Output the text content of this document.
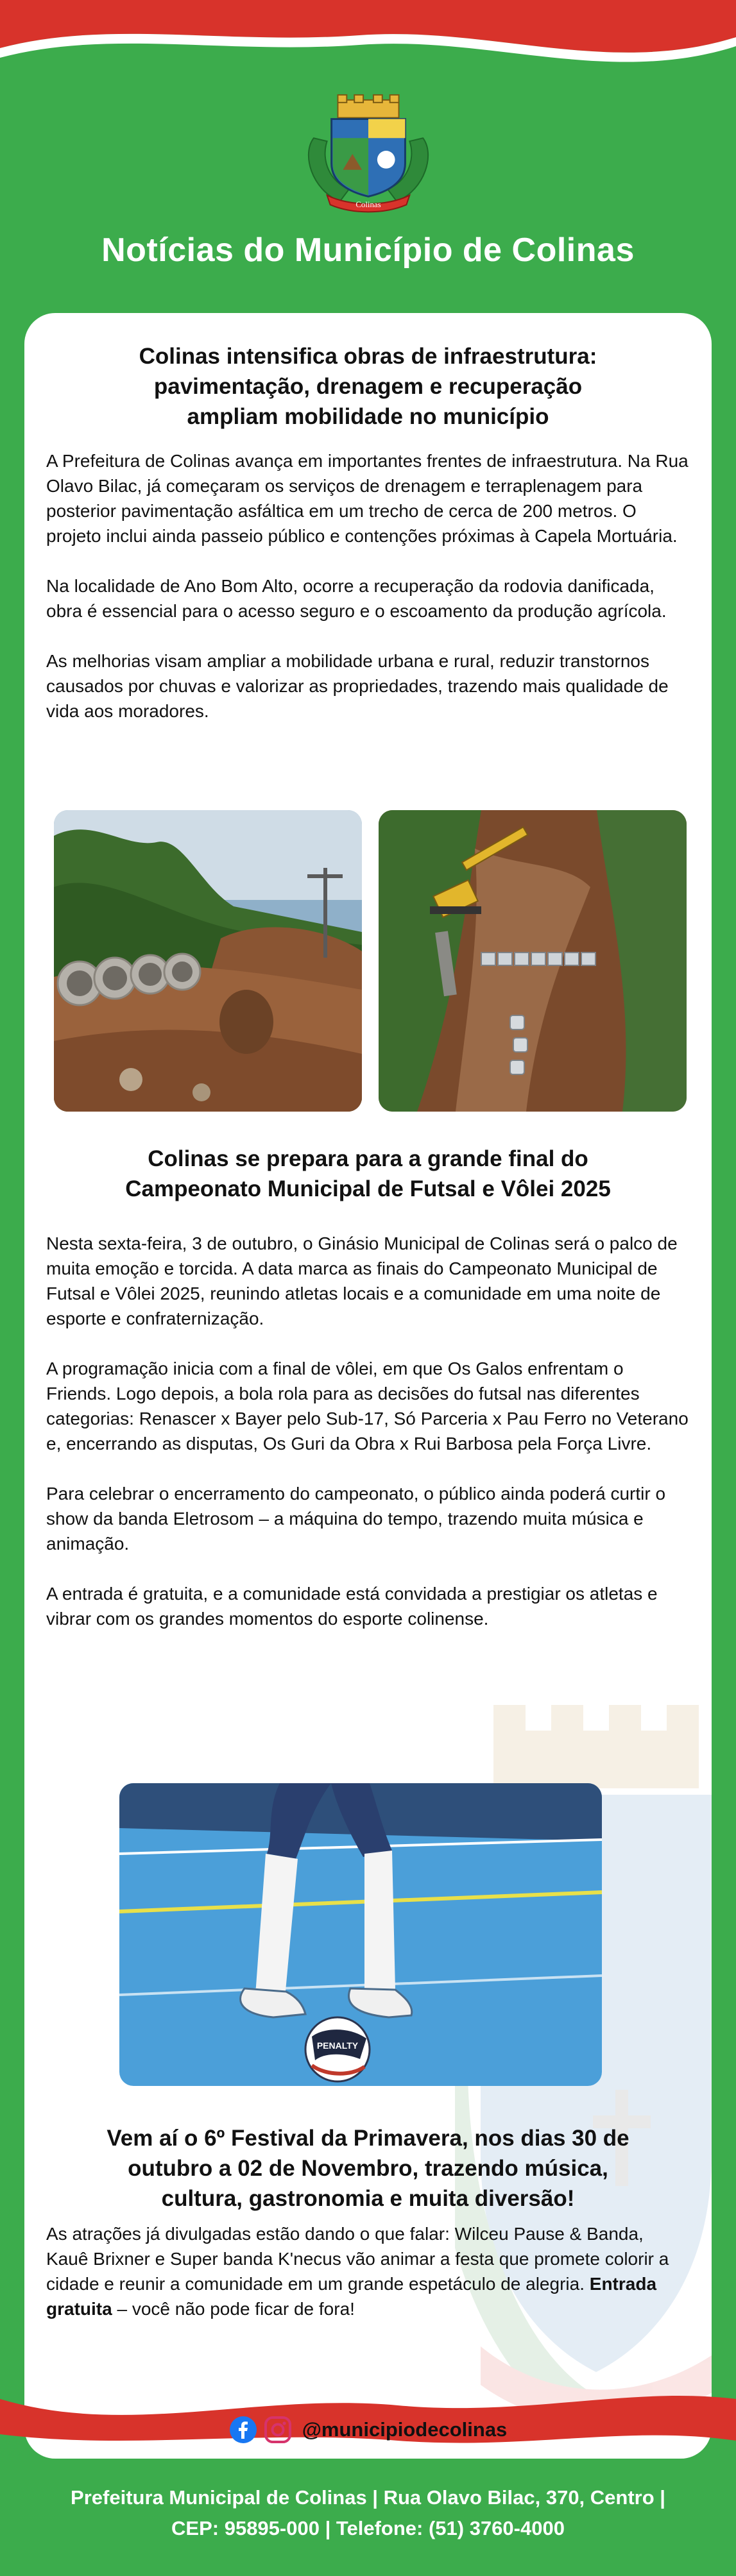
Colinas
Notícias do Município de Colinas

Colinas intensifica obras de infraestrutura:
pavimentação, drenagem e recuperação
ampliam mobilidade no município

A Prefeitura de Colinas avança em importantes frentes de infraestrutura. Na Rua Olavo Bilac, já começaram os serviços de drenagem e terraplenagem para posterior pavimentação asfáltica em um trecho de cerca de 200 metros. O projeto inclui ainda passeio público e contenções próximas à Capela Mortuária.

Na localidade de Ano Bom Alto, ocorre a recuperação da rodovia danificada, obra é essencial para o acesso seguro e o escoamento da produção agrícola.

As melhorias visam ampliar a mobilidade urbana e rural, reduzir transtornos causados por chuvas e valorizar as propriedades, trazendo mais qualidade de vida aos moradores.

Colinas se prepara para a grande final do
Campeonato Municipal de Futsal e Vôlei 2025

Nesta sexta-feira, 3 de outubro, o Ginásio Municipal de Colinas será o palco de muita emoção e torcida. A data marca as finais do Campeonato Municipal de Futsal e Vôlei 2025, reunindo atletas locais e a comunidade em uma noite de esporte e confraternização.

A programação inicia com a final de vôlei, em que Os Galos enfrentam o Friends. Logo depois, a bola rola para as decisões do futsal nas diferentes categorias: Renascer x Bayer pelo Sub-17, Só Parceria x Pau Ferro no Veterano e, encerrando as disputas, Os Guri da Obra x Rui Barbosa pela Força Livre.

Para celebrar o encerramento do campeonato, o público ainda poderá curtir o show da banda Eletrosom – a máquina do tempo, trazendo muita música e animação.

A entrada é gratuita, e a comunidade está convidada a prestigiar os atletas e vibrar com os grandes momentos do esporte colinense.

PENALTY

Vem aí o 6º Festival da Primavera, nos dias 30 de
outubro a 02 de Novembro, trazendo música,
cultura, gastronomia e muita diversão!

As atrações já divulgadas estão dando o que falar: Wilceu Pause & Banda, Kauê Brixner e Super banda K'necus vão animar a festa que promete colorir a cidade e reunir a comunidade em um grande espetáculo de alegria. Entrada gratuita – você não pode ficar de fora!

@municipiodecolinas
Prefeitura Municipal de Colinas | Rua Olavo Bilac, 370, Centro |
CEP: 95895-000 | Telefone: (51) 3760-4000
